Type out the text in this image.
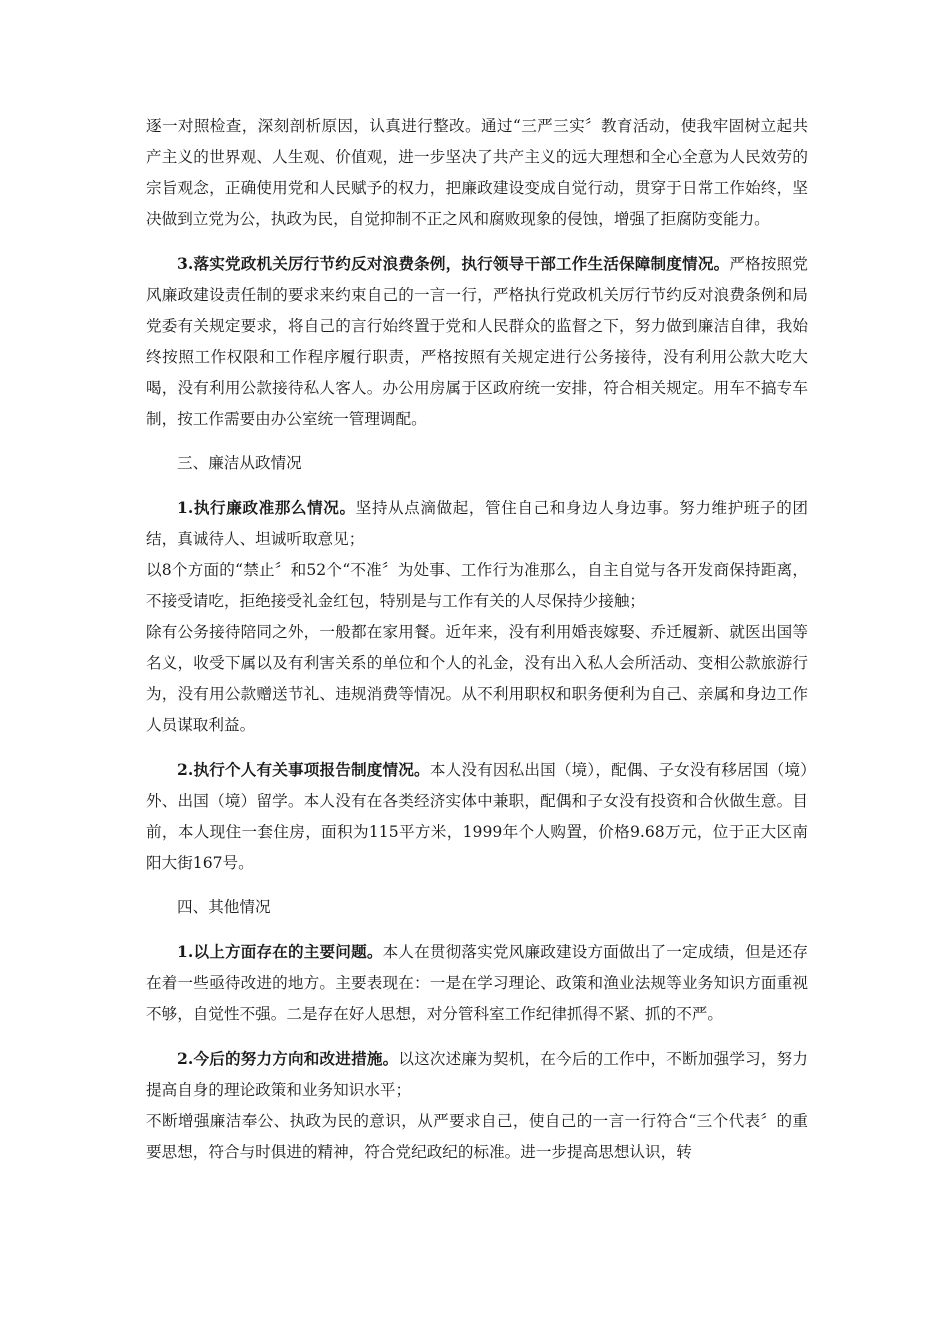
逐一对照检查，深刻剖析原因，认真进行整改。通过“三严三实〞教育活动，使我牢固树立起共产主义的世界观、人生观、价值观，进一步坚决了共产主义的远大理想和全心全意为人民效劳的宗旨观念，正确使用党和人民赋予的权力，把廉政建设变成自觉行动，贯穿于日常工作始终，坚决做到立党为公，执政为民，自觉抑制不正之风和腐败现象的侵蚀，增强了拒腐防变能力。

3.落实党政机关厉行节约反对浪费条例，执行领导干部工作生活保障制度情况。严格按照党风廉政建设责任制的要求来约束自己的一言一行，严格执行党政机关厉行节约反对浪费条例和局党委有关规定要求，将自己的言行始终置于党和人民群众的监督之下，努力做到廉洁自律，我始终按照工作权限和工作程序履行职责，严格按照有关规定进行公务接待，没有利用公款大吃大喝，没有利用公款接待私人客人。办公用房属于区政府统一安排，符合相关规定。用车不搞专车制，按工作需要由办公室统一管理调配。

三、廉洁从政情况

1.执行廉政准那么情况。坚持从点滴做起，管住自己和身边人身边事。努力维护班子的团结，真诚待人、坦诚听取意见；

以8个方面的“禁止〞和52个“不准〞为处事、工作行为准那么，自主自觉与各开发商保持距离，不接受请吃，拒绝接受礼金红包，特别是与工作有关的人尽保持少接触；

除有公务接待陪同之外，一般都在家用餐。近年来，没有利用婚丧嫁娶、乔迁履新、就医出国等名义，收受下属以及有利害关系的单位和个人的礼金，没有出入私人会所活动、变相公款旅游行为，没有用公款赠送节礼、违规消费等情况。从不利用职权和职务便利为自己、亲属和身边工作人员谋取利益。

2.执行个人有关事项报告制度情况。本人没有因私出国（境），配偶、子女没有移居国（境）外、出国（境）留学。本人没有在各类经济实体中兼职，配偶和子女没有投资和合伙做生意。目前，本人现住一套住房，面积为115平方米，1999年个人购置，价格9.68万元，位于正大区南阳大街167号。

四、其他情况

1.以上方面存在的主要问题。本人在贯彻落实党风廉政建设方面做出了一定成绩，但是还存在着一些亟待改进的地方。主要表现在：一是在学习理论、政策和渔业法规等业务知识方面重视不够，自觉性不强。二是存在好人思想，对分管科室工作纪律抓得不紧、抓的不严。

2.今后的努力方向和改进措施。以这次述廉为契机，在今后的工作中，不断加强学习，努力提高自身的理论政策和业务知识水平；

不断增强廉洁奉公、执政为民的意识，从严要求自己，使自己的一言一行符合“三个代表〞的重要思想，符合与时俱进的精神，符合党纪政纪的标准。进一步提高思想认识，转
